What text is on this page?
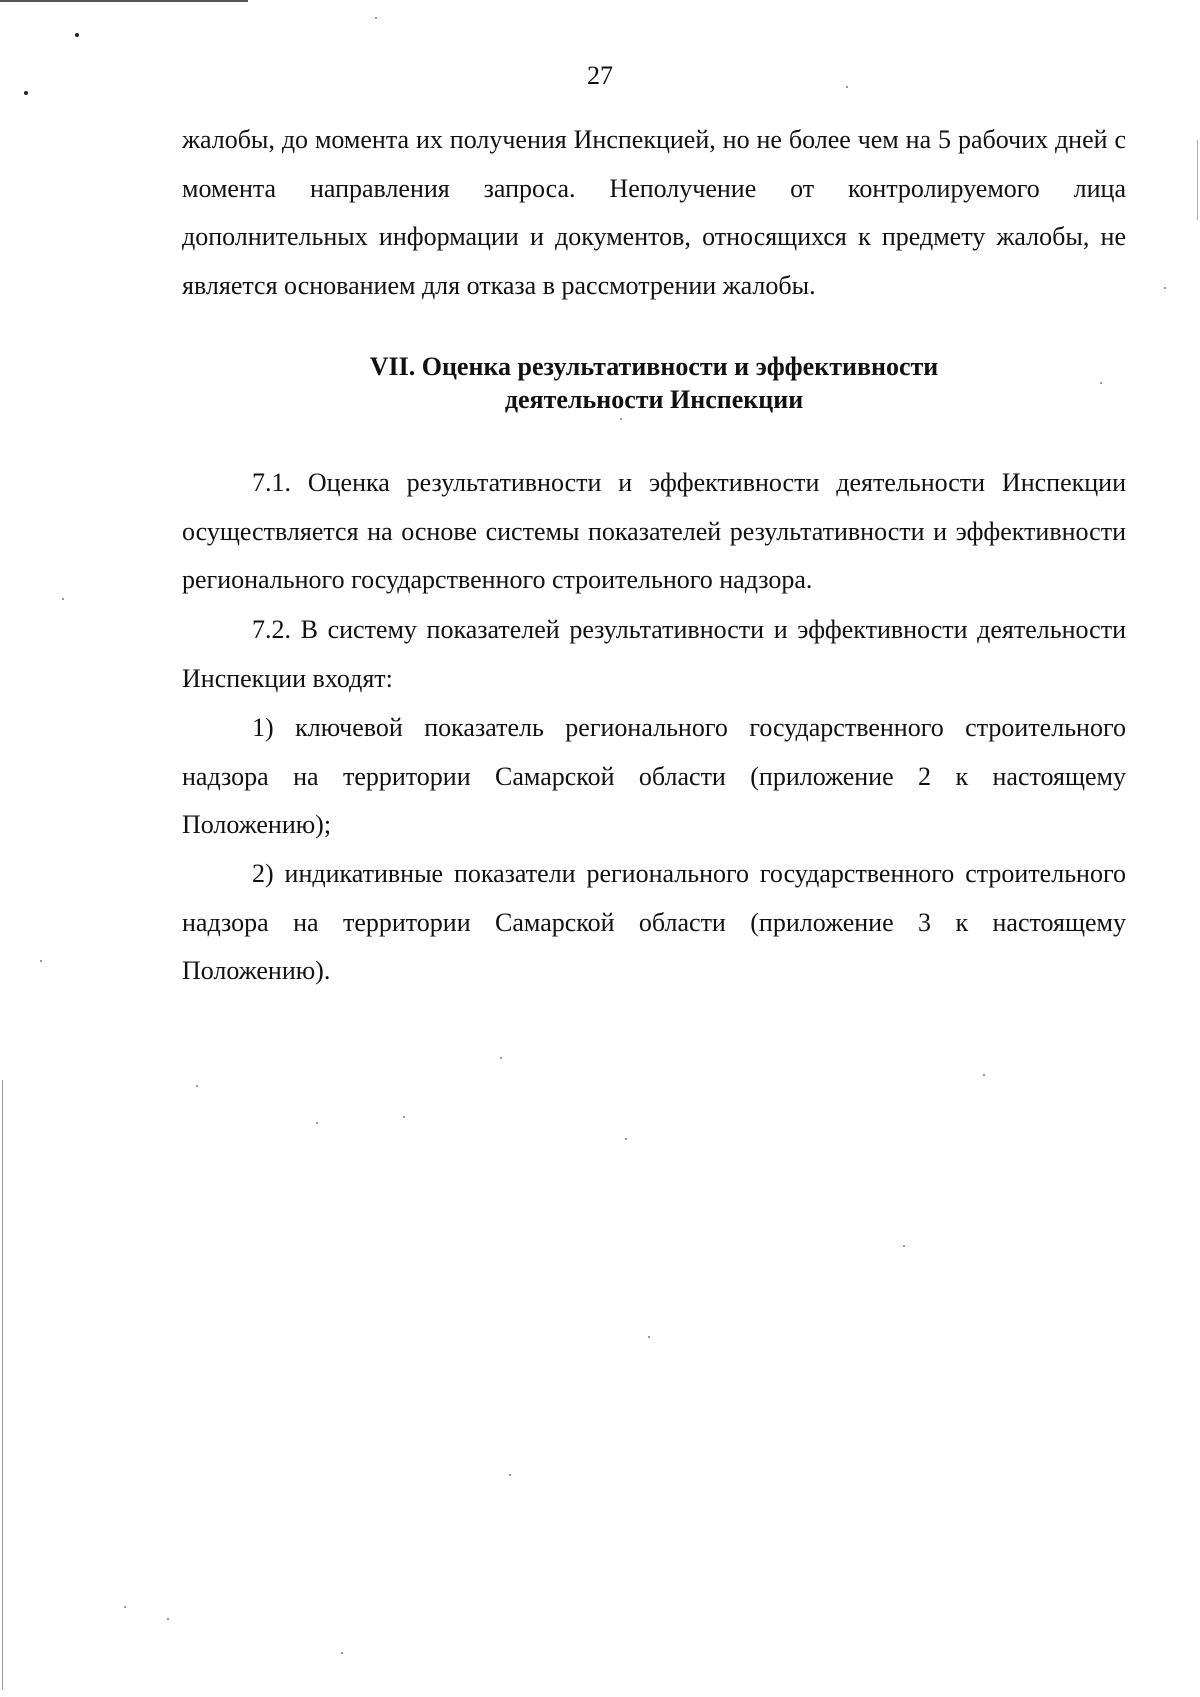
27

жалобы, до момента их получения Инспекцией, но не более чем на 5 рабочих дней с момента направления запроса. Неполучение от контролируемого лица дополнительных информации и документов, относящихся к предмету жалобы, не является основанием для отказа в рассмотрении жалобы.

VII. Оценка результативности и эффективности
деятельности Инспекции

7.1. Оценка результативности и эффективности деятельности Инспекции осуществляется на основе системы показателей результативности и эффективности регионального государственного строительного надзора.

7.2. В систему показателей результативности и эффективности деятельности Инспекции входят:

1) ключевой показатель регионального государственного строительного надзора на территории Самарской области (приложение 2 к настоящему Положению);

2) индикативные показатели регионального государственного строительного надзора на территории Самарской области (приложение 3 к настоящему Положению).
